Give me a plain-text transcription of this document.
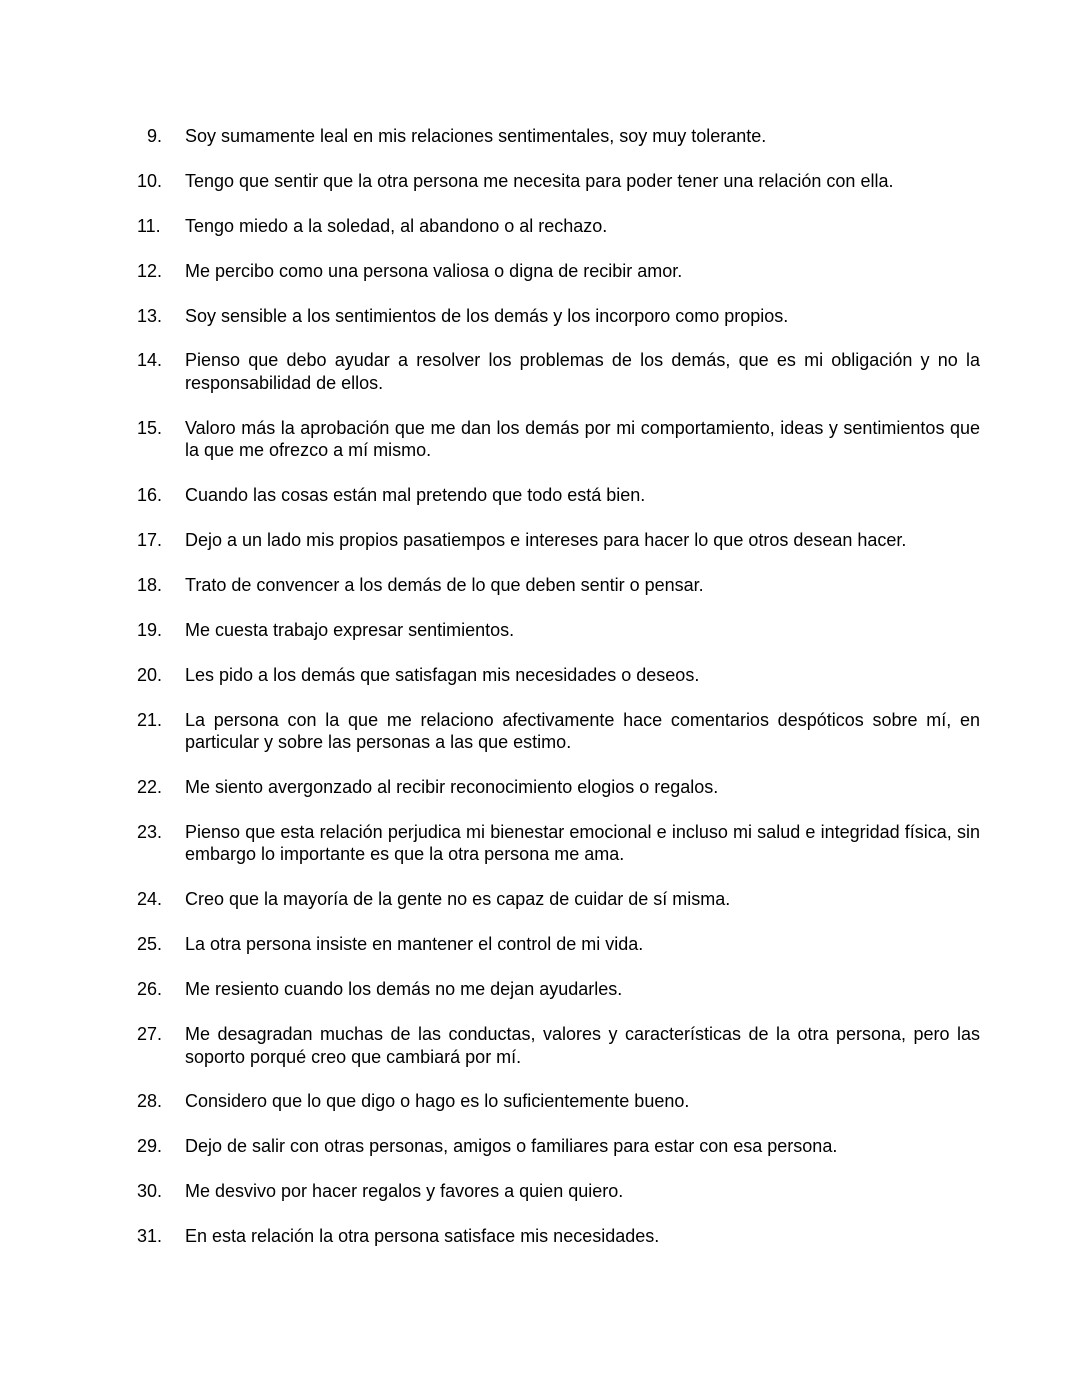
9.	Soy sumamente leal en mis relaciones sentimentales, soy muy tolerante.
10.	Tengo que sentir que la otra persona me necesita para poder tener una relación con ella.
11.	Tengo miedo a la soledad, al abandono o al rechazo.
12.	Me percibo como una persona valiosa o digna de recibir amor.
13.	Soy sensible a los sentimientos de los demás y los incorporo como propios.
14.	Pienso que debo ayudar a resolver los problemas de los demás, que es mi obligación y no la responsabilidad de ellos.
15.	Valoro más la aprobación que me dan los demás por mi comportamiento, ideas y sentimientos que la que me ofrezco a mí mismo.
16.	Cuando las cosas están mal pretendo que todo está bien.
17.	Dejo a un lado mis propios pasatiempos e intereses para hacer lo que otros desean hacer.
18.	Trato de convencer a los demás de lo que deben sentir o pensar.
19.	Me cuesta trabajo expresar sentimientos.
20.	Les pido a los demás que satisfagan mis necesidades o deseos.
21.	La persona con la que me relaciono afectivamente hace comentarios despóticos sobre mí, en particular y sobre las personas a las que estimo.
22.	Me siento avergonzado al recibir reconocimiento elogios o regalos.
23.	Pienso que esta relación perjudica mi bienestar emocional e incluso mi salud e integridad física, sin embargo lo importante es que la otra persona me ama.
24.	Creo que la mayoría de la gente no es capaz de cuidar de sí misma.
25.	La otra persona insiste en mantener el control de mi vida.
26.	Me resiento cuando los demás no me dejan ayudarles.
27.	Me desagradan muchas de las conductas, valores y características de la otra persona, pero las soporto porqué creo que cambiará por mí.
28.	Considero que lo que digo o hago es lo suficientemente bueno.
29.	Dejo de salir con otras personas, amigos o familiares para estar con esa persona.
30.	Me desvivo por hacer regalos y favores a quien quiero.
31.	En esta relación la otra persona satisface mis necesidades.
